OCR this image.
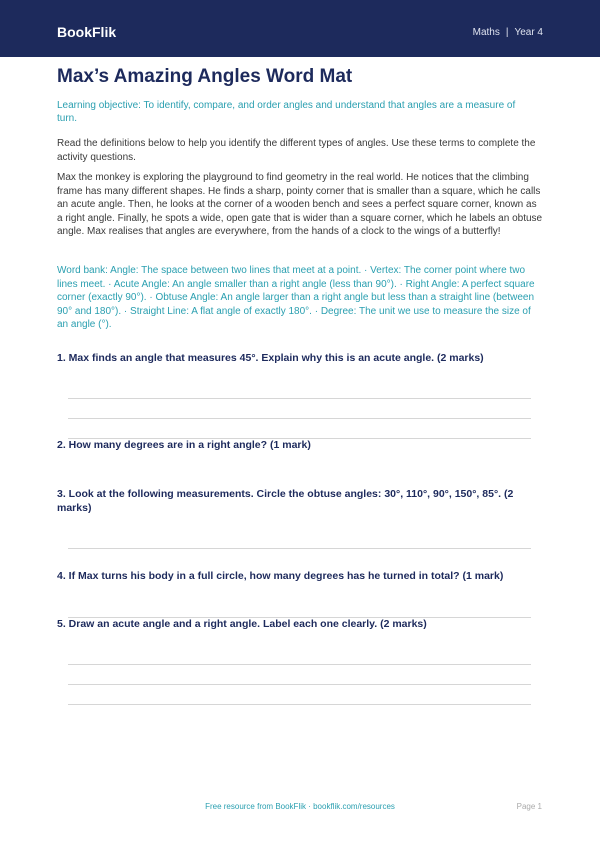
BookFlik	Maths | Year 4
Max’s Amazing Angles Word Mat
Learning objective: To identify, compare, and order angles and understand that angles are a measure of turn.
Read the definitions below to help you identify the different types of angles. Use these terms to complete the activity questions.
Max the monkey is exploring the playground to find geometry in the real world. He notices that the climbing frame has many different shapes. He finds a sharp, pointy corner that is smaller than a square, which he calls an acute angle. Then, he looks at the corner of a wooden bench and sees a perfect square corner, known as a right angle. Finally, he spots a wide, open gate that is wider than a square corner, which he labels an obtuse angle. Max realises that angles are everywhere, from the hands of a clock to the wings of a butterfly!
Word bank: Angle: The space between two lines that meet at a point. · Vertex: The corner point where two lines meet. · Acute Angle: An angle smaller than a right angle (less than 90°). · Right Angle: A perfect square corner (exactly 90°). · Obtuse Angle: An angle larger than a right angle but less than a straight line (between 90° and 180°). · Straight Line: A flat angle of exactly 180°. · Degree: The unit we use to measure the size of an angle (°).
1. Max finds an angle that measures 45°. Explain why this is an acute angle. (2 marks)
2. How many degrees are in a right angle? (1 mark)
3. Look at the following measurements. Circle the obtuse angles: 30°, 110°, 90°, 150°, 85°. (2 marks)
4. If Max turns his body in a full circle, how many degrees has he turned in total? (1 mark)
5. Draw an acute angle and a right angle. Label each one clearly. (2 marks)
Free resource from BookFlik · bookflik.com/resources	Page 1
